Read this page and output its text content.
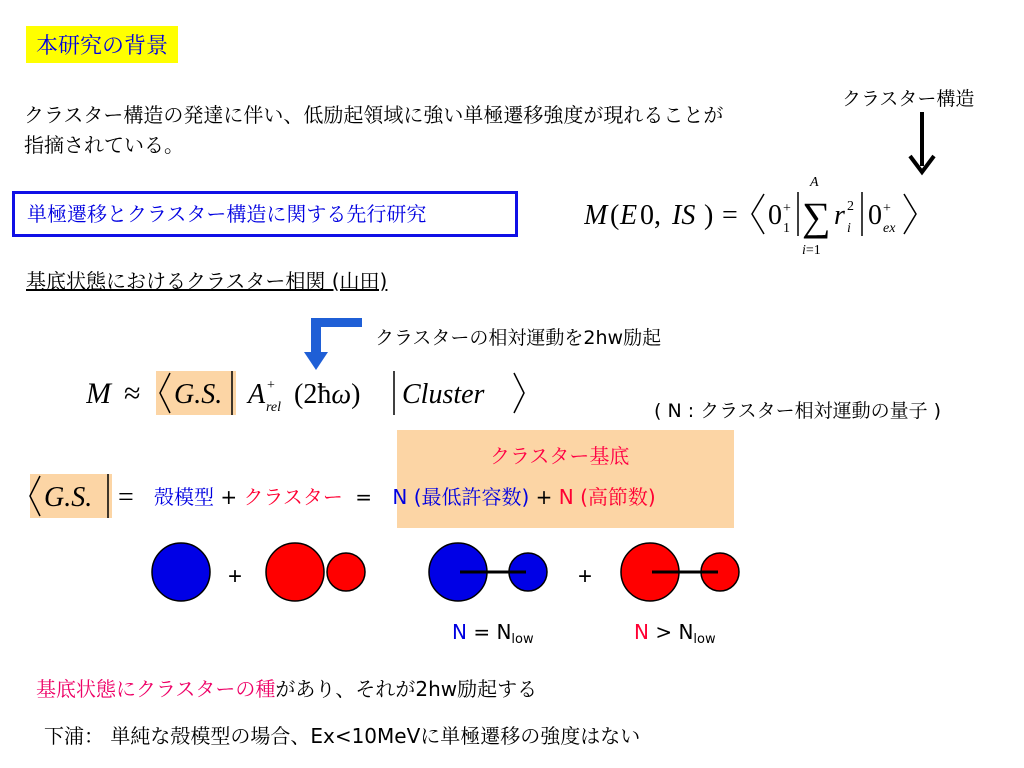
本研究の背景
クラスター構造の発達に伴い、低励起領域に強い単極遷移強度が現れることが指摘されている。
単極遷移とクラスター構造に関する先行研究
基底状態におけるクラスター相関 (山田)
クラスター構造
M ( E 0, IS ) = 0 +
1 ∑
A
i=1
r 2
i 0 +
ex
クラスターの相対運動を2hw励起
M ≈ G.S. A +
rel (2ħω) Cluster
( N : クラスター相対運動の量子 )
クラスター基底
G.S. = 殻模型 + クラスター = N (最低許容数) + N (高節数)
+	+
$N = N_{low}$	$N > N_{low}$
基底状態にクラスターの種があり、それが2hw励起する
下浦： 単純な殻模型の場合、Ex<10MeVに単極遷移の強度はない
